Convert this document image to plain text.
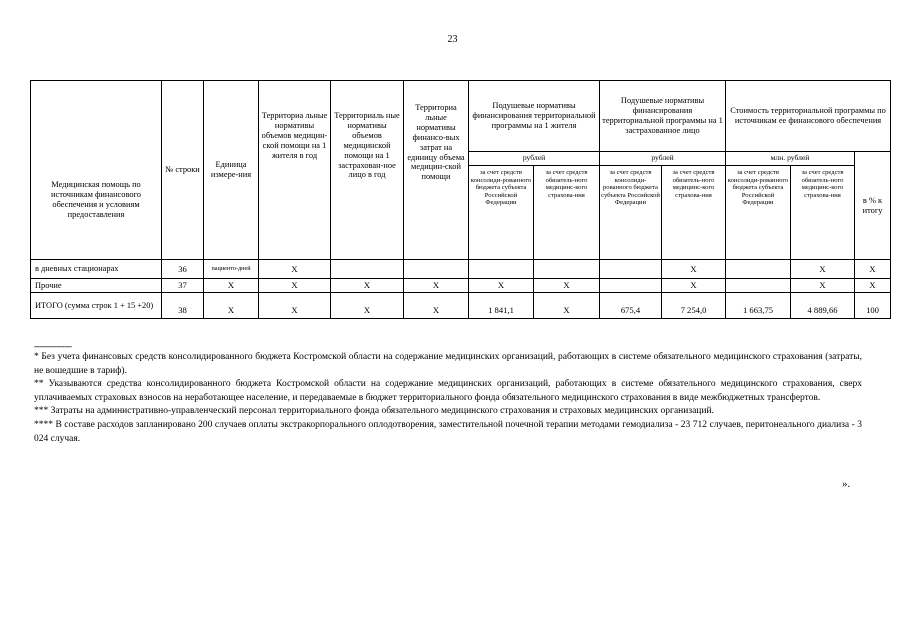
23
Медицинская помощь по источникам финансового обеспечения и условиям предоставления	№ строки	Единица измере-ния	Территориа льные нормативы объемов медицин-ской помощи на 1 жителя в год	Территориаль ные нормативы объемов медицинской помощи на 1 застрахован-ное лицо в год	Территориа льные нормативы финансо-вых затрат на единицу объема медицин-ской помощи	Подушевые нормативы финансирования территориальной программы на 1 жителя		Подушевые нормативы финансирования территориальной программы на 1 застрахованное лицо		Стоимость территориальной программы по источникам ее финансового обеспечения		
						рублей		рублей		млн. рублей		в % к итогу
						за счет средств консолиди-рованного бюджета субъекта Российской Федерации	за счет средств обязатель-ного медицинс-кого страхова-ния	за счет средств консолиди-рованного бюджета субъекта Российской Федерации	за счет средств обязатель-ного медицинс-кого страхова-ния	за счет средств консолиди-рованного бюджета субъекта Российской Федерации	за счет средств обязатель-ного медицинс-кого страхова-ния	
в дневных стационарах	36	пациенто-дней	Х						Х		Х	Х
Прочие	37	Х	Х	Х	Х	Х	Х		Х		Х	Х
ИТОГО (сумма строк 1 + 15 +20)	38	Х	Х	Х	Х	1 841,1	Х	675,4	7 254,0	1 663,75	4 889,66	100
---------------

* Без учета финансовых средств консолидированного бюджета Костромской области на содержание медицинских организаций, работающих в системе обязательного медицинского страхования (затраты, не вошедшие в тариф).

** Указываются средства консолидированного бюджета Костромской области на содержание медицинских организаций, работающих в системе обязательного медицинского страхования, сверх уплачиваемых страховых взносов на неработающее население, и передаваемые в бюджет территориального фонда обязательного медицинского страхования в виде межбюджетных трансфертов.

*** Затраты на административно-управленческий персонал территориального фонда обязательного медицинского страхования и страховых медицинских организаций.

**** В составе расходов запланировано 200 случаев оплаты экстракорпорального оплодотворения, заместительной почечной терапии методами гемодиализа - 23 712 случаев, перитонеального диализа - 3 024 случая.

».
